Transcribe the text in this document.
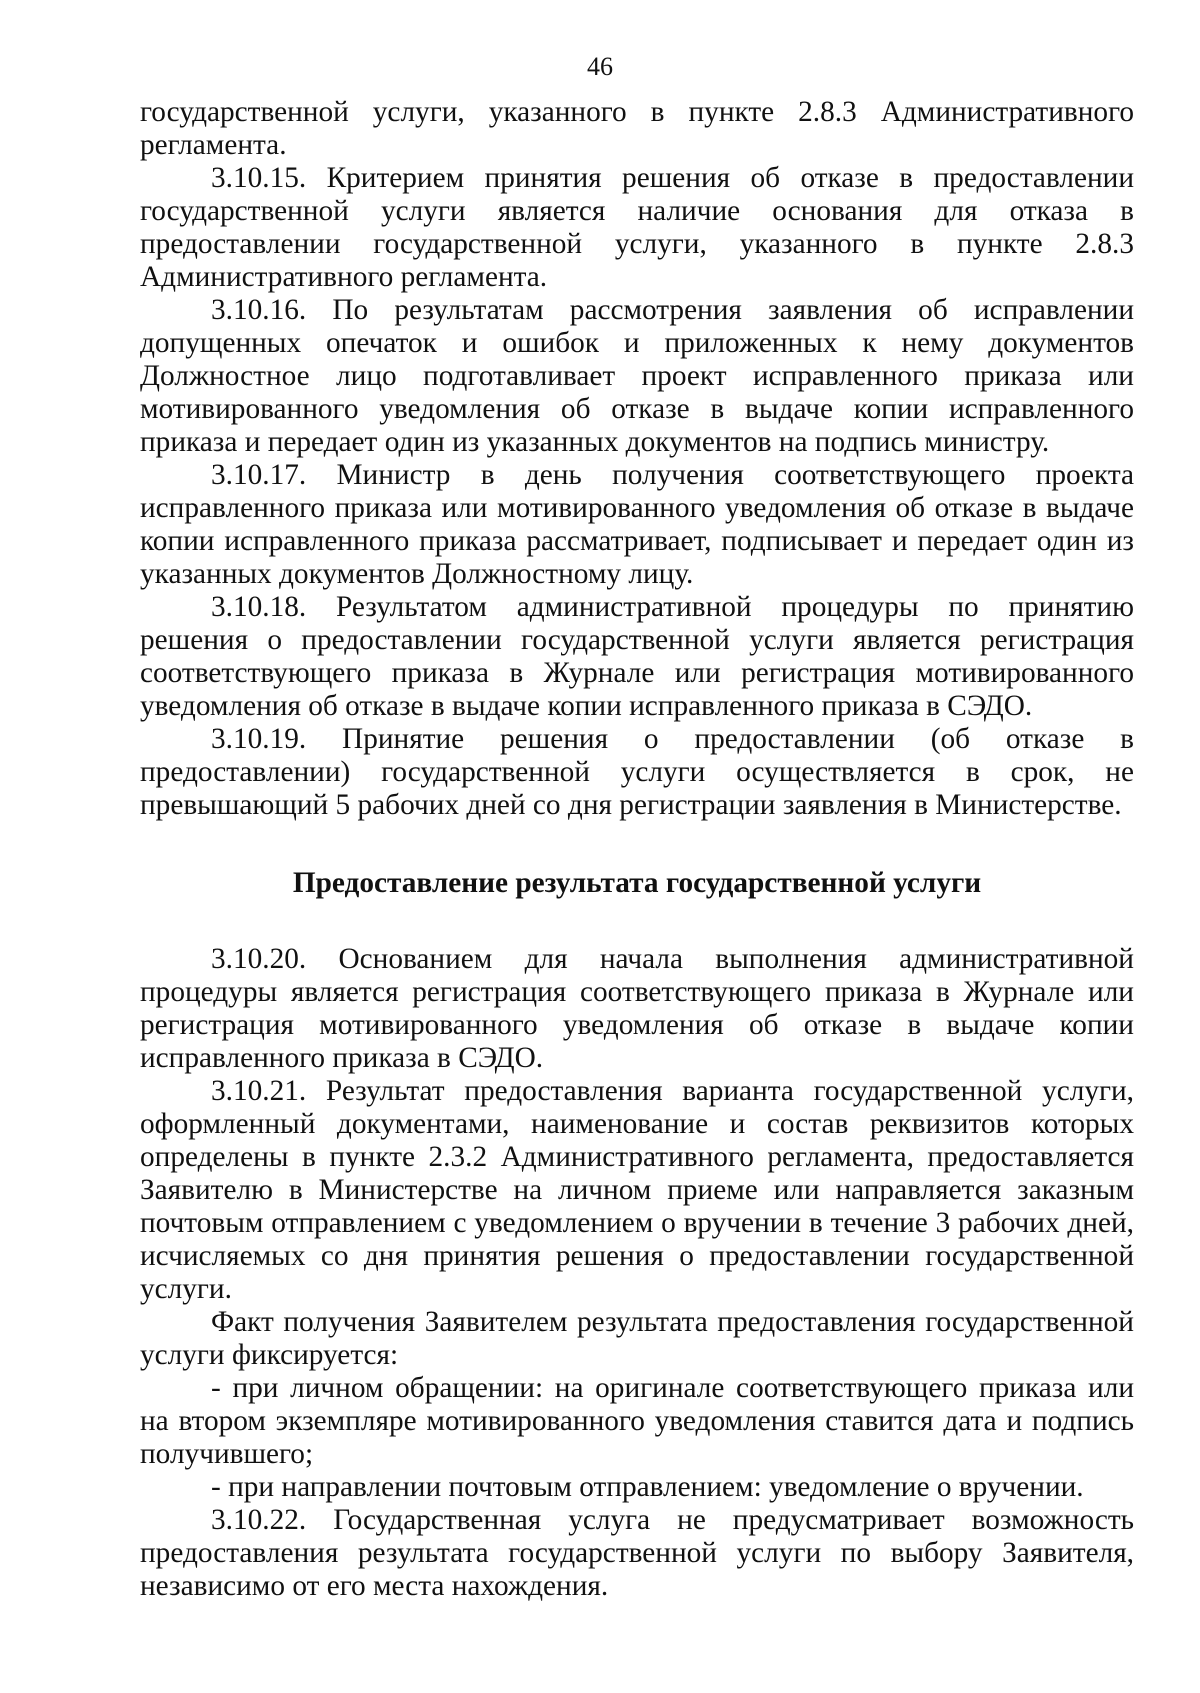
46

государственной услуги, указанного в пункте 2.8.3 Административного регламента.

3.10.15. Критерием принятия решения об отказе в предоставлении государственной услуги является наличие основания для отказа в предоставлении государственной услуги, указанного в пункте 2.8.3 Административного регламента.

3.10.16. По результатам рассмотрения заявления об исправлении допущенных опечаток и ошибок и приложенных к нему документов Должностное лицо подготавливает проект исправленного приказа или мотивированного уведомления об отказе в выдаче копии исправленного приказа и передает один из указанных документов на подпись министру.

3.10.17. Министр в день получения соответствующего проекта исправленного приказа или мотивированного уведомления об отказе в выдаче копии исправленного приказа рассматривает, подписывает и передает один из указанных документов Должностному лицу.

3.10.18. Результатом административной процедуры по принятию решения о предоставлении государственной услуги является регистрация соответствующего приказа в Журнале или регистрация мотивированного уведомления об отказе в выдаче копии исправленного приказа в СЭДО.

3.10.19. Принятие решения о предоставлении (об отказе в предоставлении) государственной услуги осуществляется в срок, не превышающий 5 рабочих дней со дня регистрации заявления в Министерстве.

Предоставление результата государственной услуги

3.10.20. Основанием для начала выполнения административной процедуры является регистрация соответствующего приказа в Журнале или регистрация мотивированного уведомления об отказе в выдаче копии исправленного приказа в СЭДО.

3.10.21. Результат предоставления варианта государственной услуги, оформленный документами, наименование и состав реквизитов которых определены в пункте 2.3.2 Административного регламента, предоставляется Заявителю в Министерстве на личном приеме или направляется заказным почтовым отправлением с уведомлением о вручении в течение 3 рабочих дней, исчисляемых со дня принятия решения о предоставлении государственной услуги.

Факт получения Заявителем результата предоставления государственной услуги фиксируется:

- при личном обращении: на оригинале соответствующего приказа или на втором экземпляре мотивированного уведомления ставится дата и подпись получившего;

- при направлении почтовым отправлением: уведомление о вручении.

3.10.22. Государственная услуга не предусматривает возможность предоставления результата государственной услуги по выбору Заявителя, независимо от его места нахождения.
